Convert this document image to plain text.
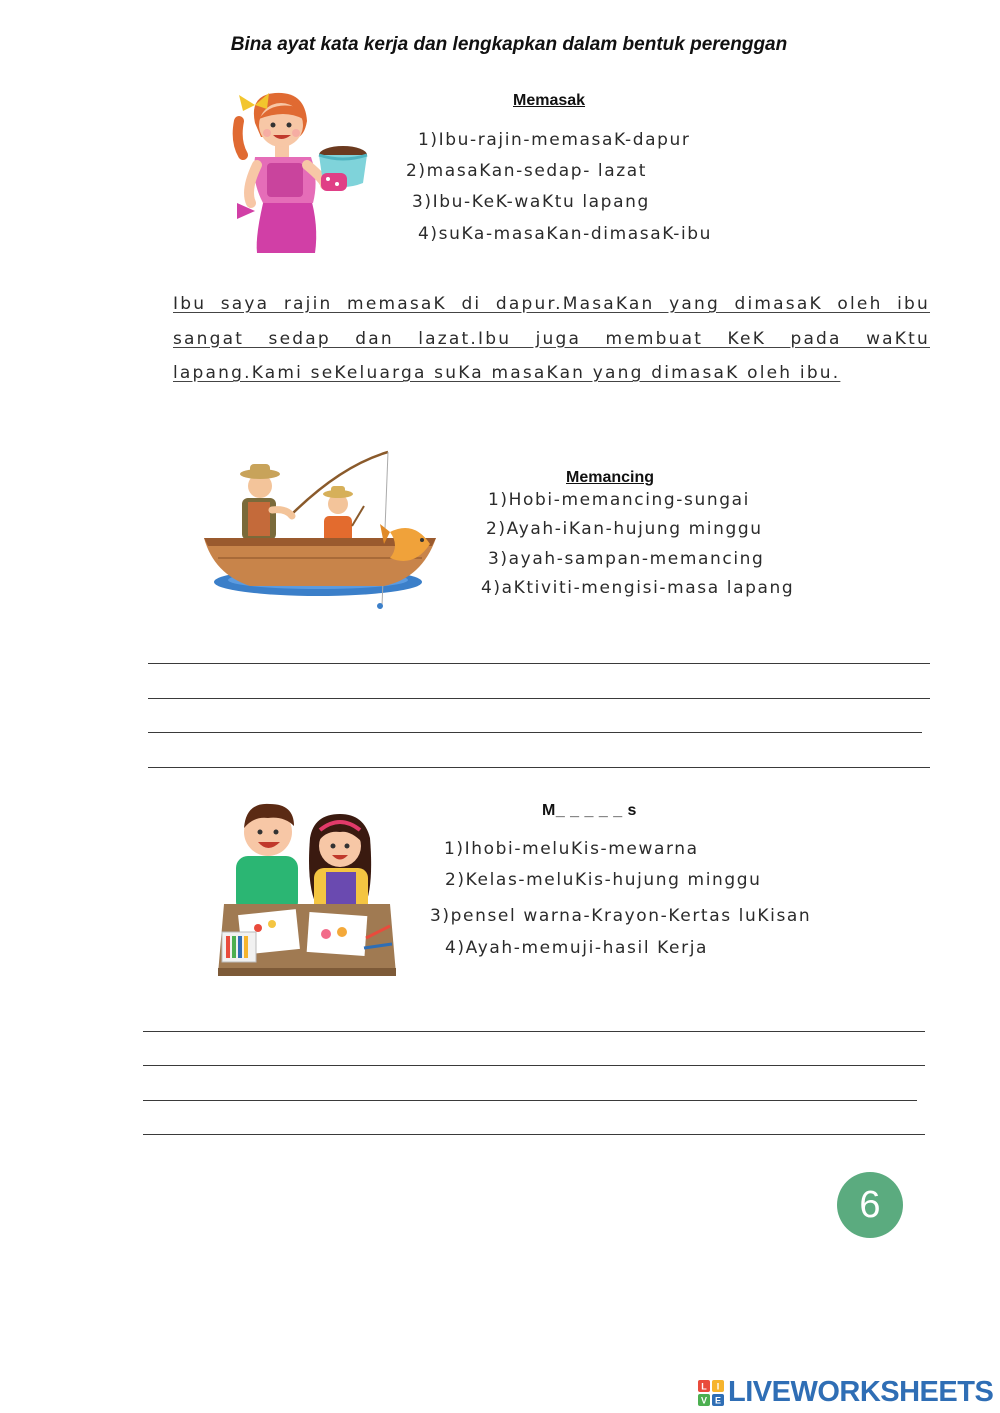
Bina ayat kata kerja dan lengkapkan dalam bentuk perenggan
Memasak
1)Ibu-rajin-memasaK-dapur
2)masaKan-sedap- lazat
3)Ibu-KeK-waKtu lapang
4)suKa-masaKan-dimasaK-ibu
Ibu saya rajin memasaK di dapur.MasaKan yang dimasaK oleh ibu sangat sedap dan lazat.Ibu juga membuat KeK pada waKtu lapang.Kami seKeluarga suKa masaKan yang dimasaK oleh ibu.
Memancing
1)Hobi-memancing-sungai
2)Ayah-iKan-hujung minggu
3)ayah-sampan-memancing
4)aKtiviti-mengisi-masa lapang
M_ _ _ _ _ s
1)Ihobi-meluKis-mewarna
2)Kelas-meluKis-hujung minggu
3)pensel warna-Krayon-Kertas luKisan
4)Ayah-memuji-hasil Kerja
6
L I
V E LIVEWORKSHEETS
